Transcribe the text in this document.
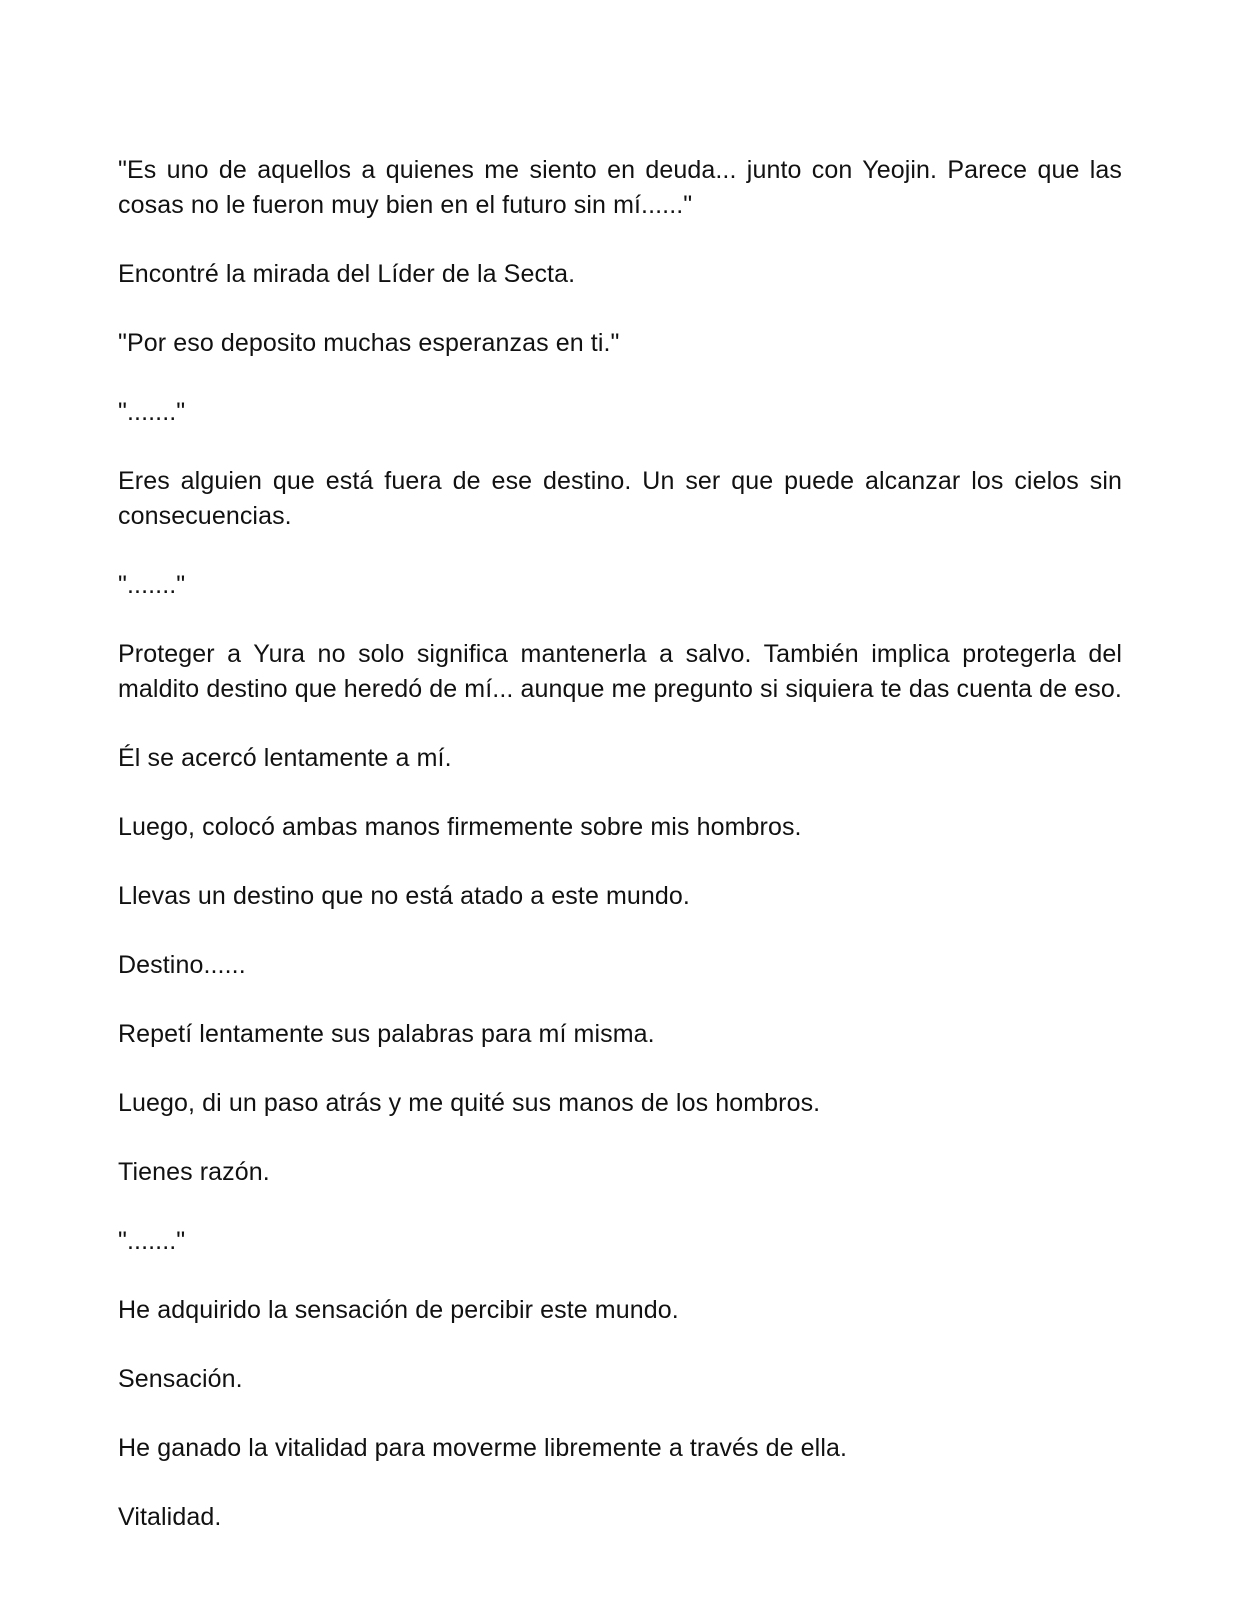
"Es uno de aquellos a quienes me siento en deuda... junto con Yeojin. Parece que las cosas no le fueron muy bien en el futuro sin mí......"

Encontré la mirada del Líder de la Secta.

"Por eso deposito muchas esperanzas en ti."

"......."

Eres alguien que está fuera de ese destino. Un ser que puede alcanzar los cielos sin consecuencias.

"......."

Proteger a Yura no solo significa mantenerla a salvo. También implica protegerla del maldito destino que heredó de mí... aunque me pregunto si siquiera te das cuenta de eso.

Él se acercó lentamente a mí.

Luego, colocó ambas manos firmemente sobre mis hombros.

Llevas un destino que no está atado a este mundo.

Destino......

Repetí lentamente sus palabras para mí misma.

Luego, di un paso atrás y me quité sus manos de los hombros.

Tienes razón.

"......."

He adquirido la sensación de percibir este mundo.

Sensación.

He ganado la vitalidad para moverme libremente a través de ella.

Vitalidad.
